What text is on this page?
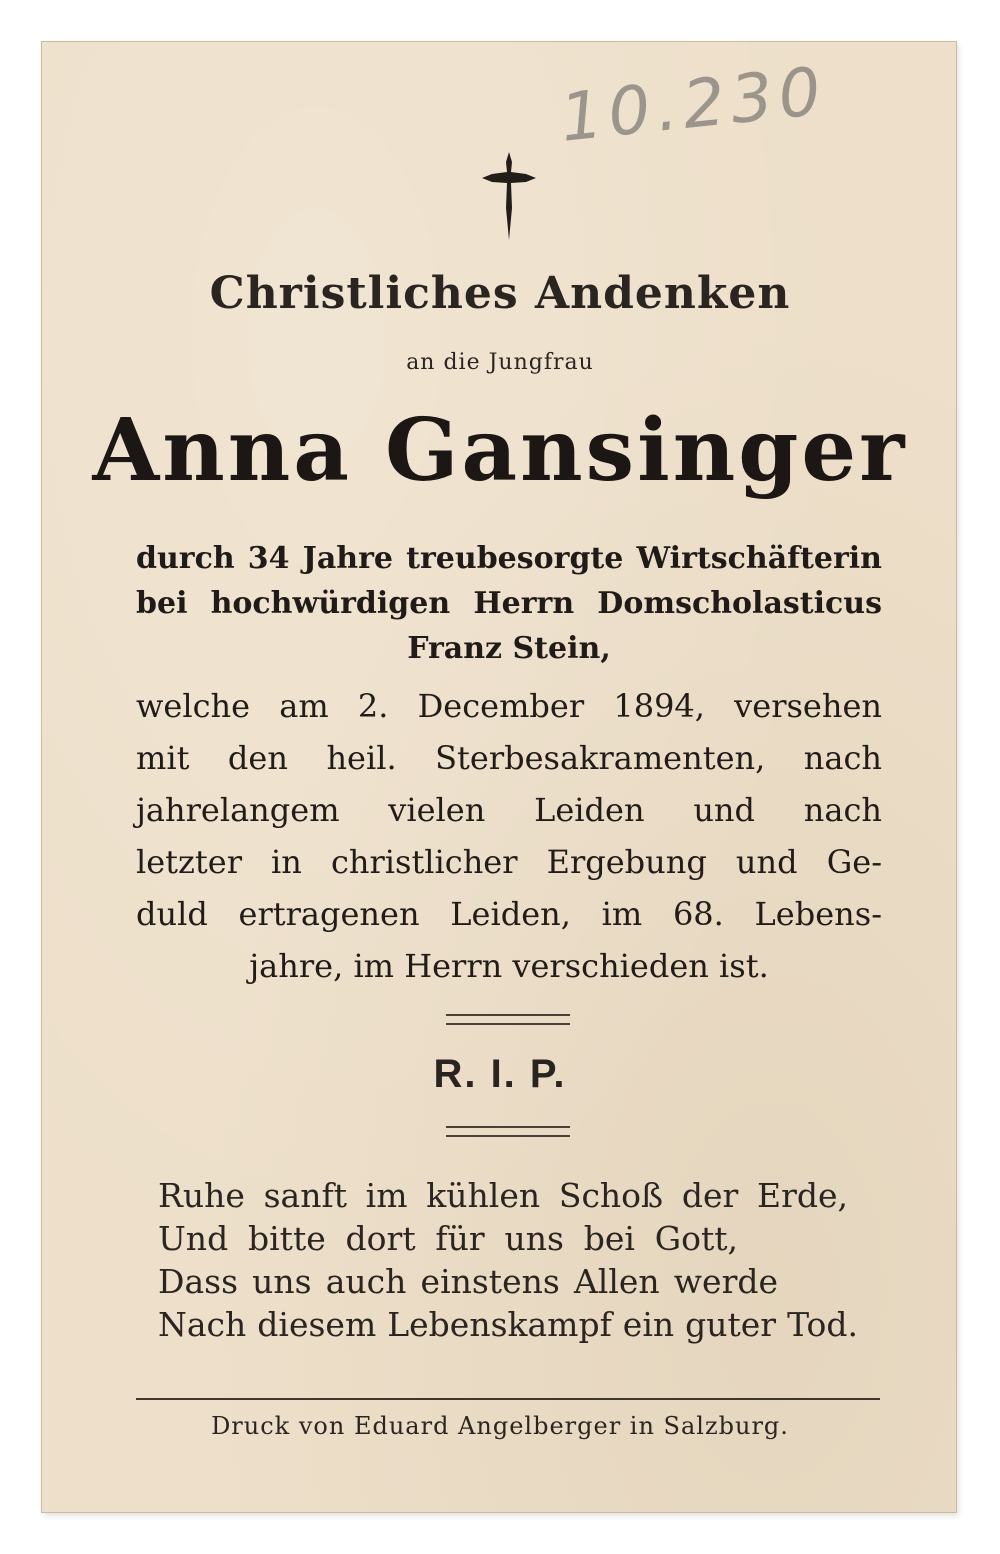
10.230
Christliches Andenken
an die Jungfrau
Anna Gansinger
durch 34 Jahre treubesorgte Wirtschäfterin
bei hochwürdigen Herrn Domscholasticus
Franz Stein,
welche am 2. December 1894, versehen
mit den heil. Sterbesakramenten, nach
jahrelangem vielen Leiden und nach
letzter in christlicher Ergebung und Ge-
duld ertragenen Leiden, im 68. Lebens-
jahre, im Herrn verschieden ist.
R. I. P.
Ruhe sanft im kühlen Schoß der Erde,
Und bitte dort für uns bei Gott,
Dass uns auch einstens Allen werde
Nach diesem Lebenskampf ein guter Tod.
Druck von Eduard Angelberger in Salzburg.
